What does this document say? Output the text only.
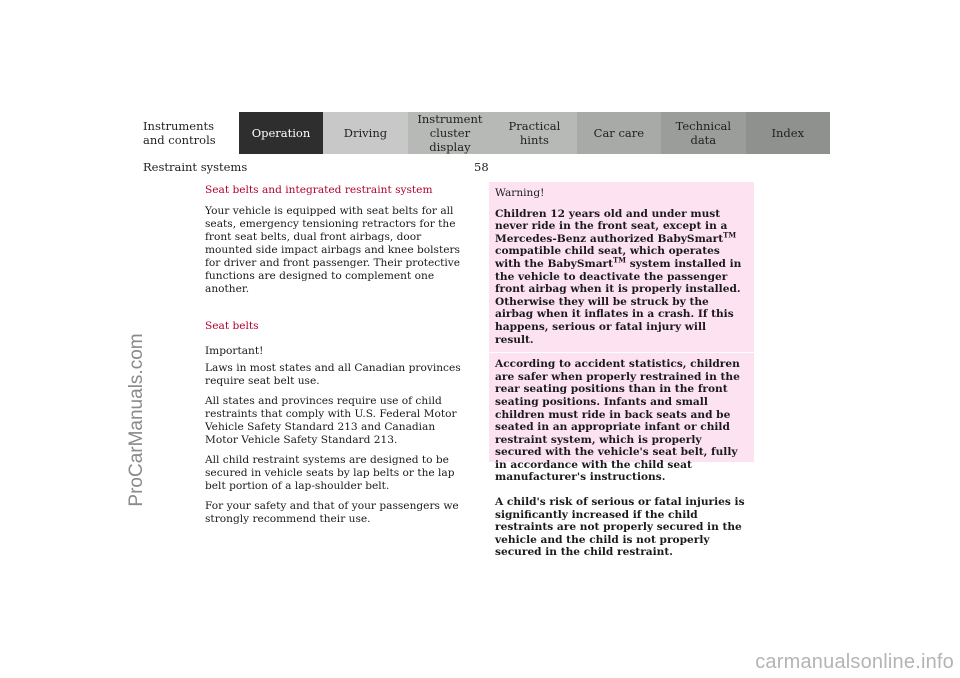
ProCarManuals.com
Instruments
and controls	Operation	Driving
Instrument
cluster display
Practical hints	Car care	Technical
data	Index
Restraint systems	58

Seat belts and integrated restraint system

Your vehicle is equipped with seat belts for all seats, emergency tensioning retractors for the front seat belts, dual front airbags, door mounted side impact airbags and knee bolsters for driver and front passenger. Their protective functions are designed to complement one another.

Seat belts

Important!

Laws in most states and all Canadian provinces require seat belt use.

All states and provinces require use of child restraints that comply with U.S. Federal Motor Vehicle Safety Standard 213 and Canadian Motor Vehicle Safety Standard 213.

All child restraint systems are designed to be secured in vehicle seats by lap belts or the lap belt portion of a lap-shoulder belt.

For your safety and that of your passengers we strongly recommend their use.

Warning!

Children 12 years old and under must never ride in the front seat, except in a Mercedes-Benz authorized BabySmart™ compatible child seat, which operates with the BabySmart™ system installed in the vehicle to deactivate the passenger front airbag when it is properly installed. Otherwise they will be struck by the airbag when it inflates in a crash. If this happens, serious or fatal injury will result.

According to accident statistics, children are safer when properly restrained in the rear seating positions than in the front seating positions. Infants and small children must ride in back seats and be seated in an appropriate infant or child restraint system, which is properly secured with the vehicle's seat belt, fully in accordance with the child seat manufacturer's instructions.

A child's risk of serious or fatal injuries is significantly increased if the child restraints are not properly secured in the vehicle and the child is not properly secured in the child restraint.

carmanualsonline.info
